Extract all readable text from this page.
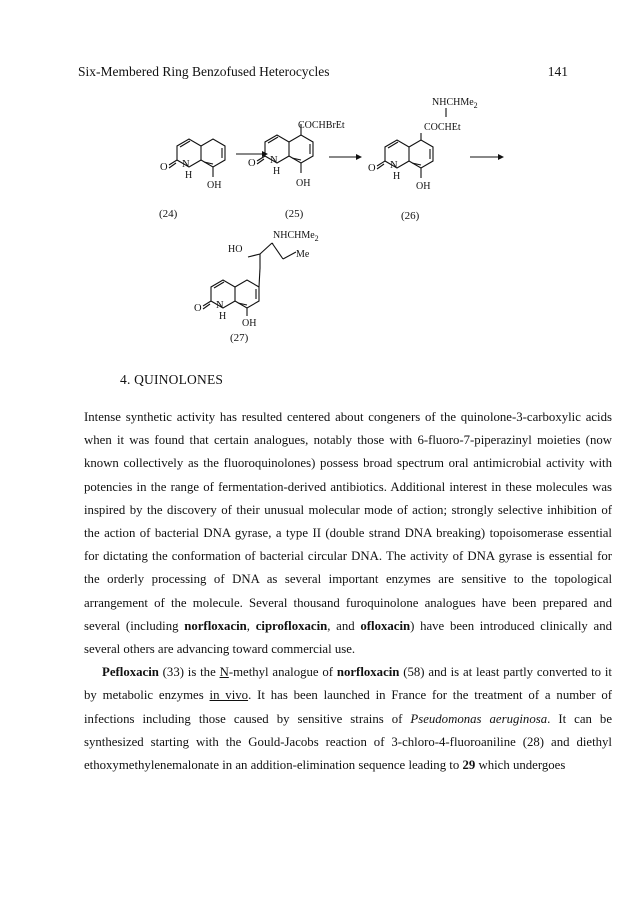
Six-Membered Ring Benzofused Heterocycles	141
O N
H
OH
(24)
COCHBrEt
O N
H
OH
(25)
NHCHMe$_2$
COCHEt
O N
H
OH
(26)
NHCHMe$_2$
HO	Me
O N
H
OH
(27)
4. QUINOLONES

Intense synthetic activity has resulted centered about congeners of the quinolone-3-carboxylic acids when it was found that certain analogues, notably those with 6-fluoro-7-piperazinyl moieties (now known collectively as the fluoroquinolones) possess broad spectrum oral antimicrobial activity with potencies in the range of fermentation-derived antibiotics. Additional interest in these molecules was inspired by the discovery of their unusual molecular mode of action; strongly selective inhibition of the action of bacterial DNA gyrase, a type II (double strand DNA breaking) topoisomerase essential for dictating the conformation of bacterial circular DNA. The activity of DNA gyrase is essential for the orderly processing of DNA as several important enzymes are sensitive to the topological arrangement of the molecule. Several thousand furoquinolone analogues have been prepared and several (including norfloxacin, ciprofloxacin, and ofloxacin) have been introduced clinically and several others are advancing toward commercial use.

Pefloxacin (33) is the N-methyl analogue of norfloxacin (58) and is at least partly converted to it by metabolic enzymes in vivo. It has been launched in France for the treatment of a number of infections including those caused by sensitive strains of Pseudomonas aeruginosa. It can be synthesized starting with the Gould-Jacobs reaction of 3-chloro-4-fluoroaniline (28) and diethyl ethoxymethylenemalonate in an addition-elimination sequence leading to 29 which undergoes
